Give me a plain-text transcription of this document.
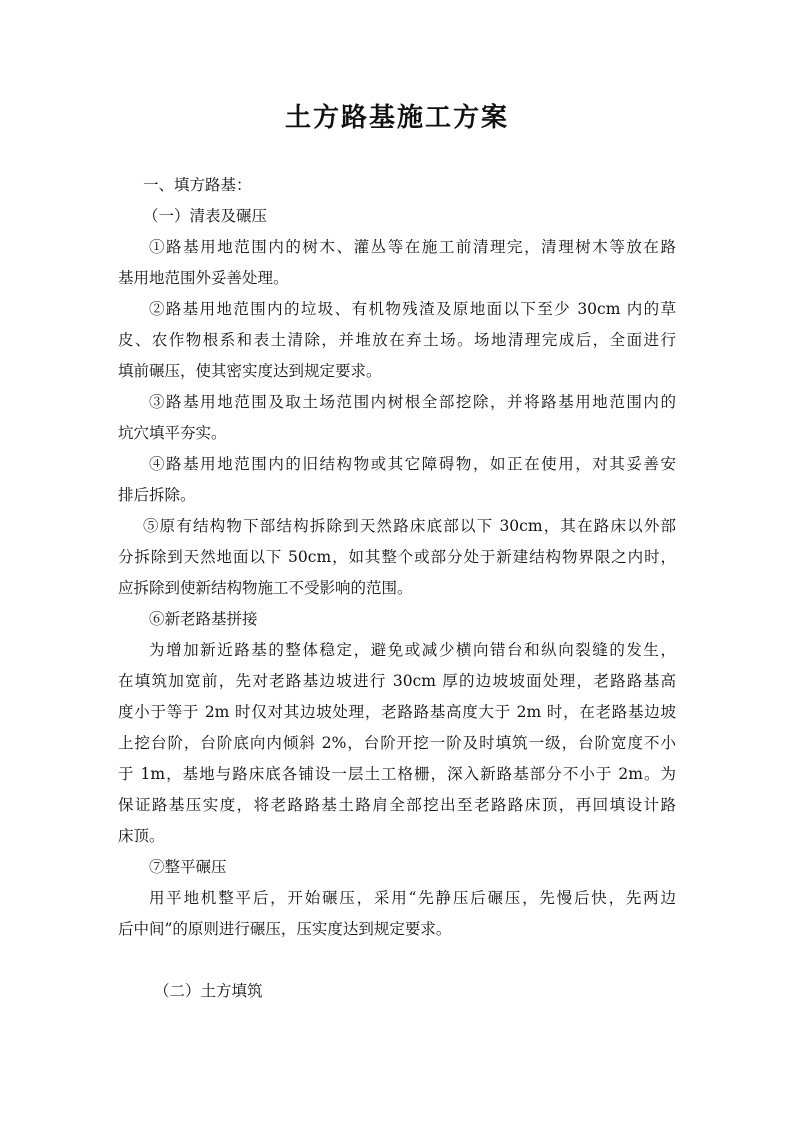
土方路基施工方案
一、填方路基：
（一）清表及碾压
①路基用地范围内的树木、灌丛等在施工前清理完，清理树木等放在路
基用地范围外妥善处理。
②路基用地范围内的垃圾、有机物残渣及原地面以下至少 30cm 内的草
皮、农作物根系和表土清除，并堆放在弃土场。场地清理完成后，全面进行
填前碾压，使其密实度达到规定要求。
③路基用地范围及取土场范围内树根全部挖除，并将路基用地范围内的
坑穴填平夯实。
④路基用地范围内的旧结构物或其它障碍物，如正在使用，对其妥善安
排后拆除。
⑤原有结构物下部结构拆除到天然路床底部以下 30cm，其在路床以外部
分拆除到天然地面以下 50cm，如其整个或部分处于新建结构物界限之内时，
应拆除到使新结构物施工不受影响的范围。
⑥新老路基拼接
为增加新近路基的整体稳定，避免或减少横向错台和纵向裂缝的发生，
在填筑加宽前，先对老路基边坡进行 30cm 厚的边坡坡面处理，老路路基高
度小于等于 2m 时仅对其边坡处理，老路路基高度大于 2m 时，在老路基边坡
上挖台阶，台阶底向内倾斜 2%，台阶开挖一阶及时填筑一级，台阶宽度不小
于 1m，基地与路床底各铺设一层土工格栅，深入新路基部分不小于 2m。为
保证路基压实度，将老路路基土路肩全部挖出至老路路床顶，再回填设计路
床顶。
⑦整平碾压
用平地机整平后，开始碾压，采用“先静压后碾压，先慢后快，先两边
后中间”的原则进行碾压，压实度达到规定要求。
（二）土方填筑
